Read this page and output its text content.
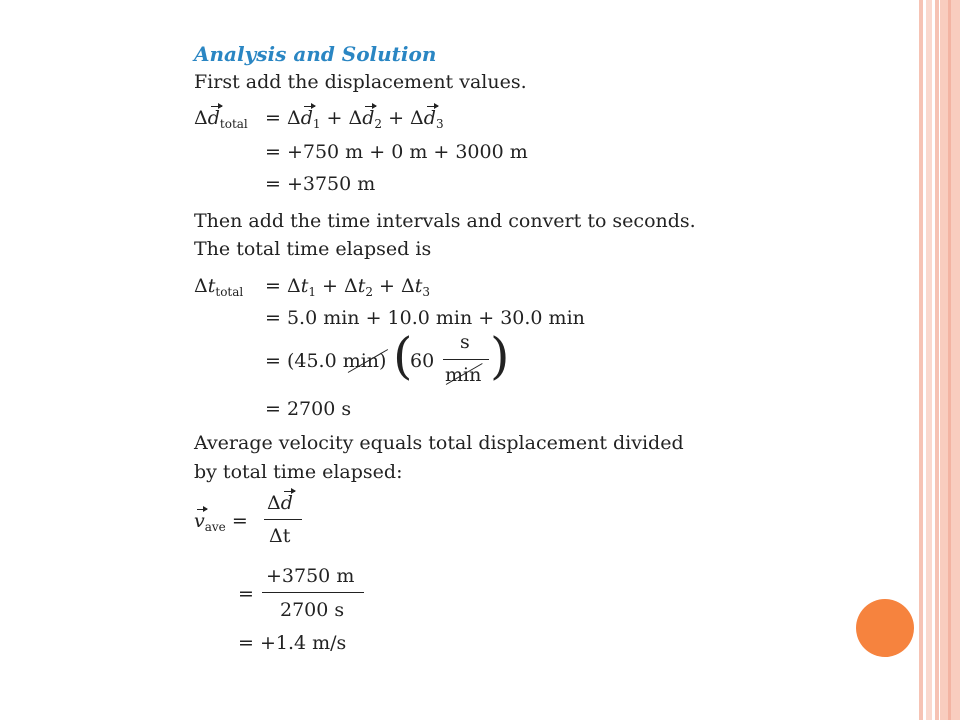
Analysis and Solution
First add the displacement values.
$\Delta d_{total} = \Delta d_1 + \Delta d_2 + \Delta d_3$
= +750 m + 0 m + 3000 m
= +3750 m
Then add the time intervals and convert to seconds.
The total time elapsed is
$\Delta t_{total} = \Delta t_1 + \Delta t_2 + \Delta t_3$
= 5.0 min + 10.0 min + 30.0 min
= (45.0 min) (
60
s
min )
= 2700 s
Average velocity equals total displacement divided
by total time elapsed:
$v_{ave}$ =
Δd
Δt
=
+3750 m
2700 s
= +1.4 m/s
